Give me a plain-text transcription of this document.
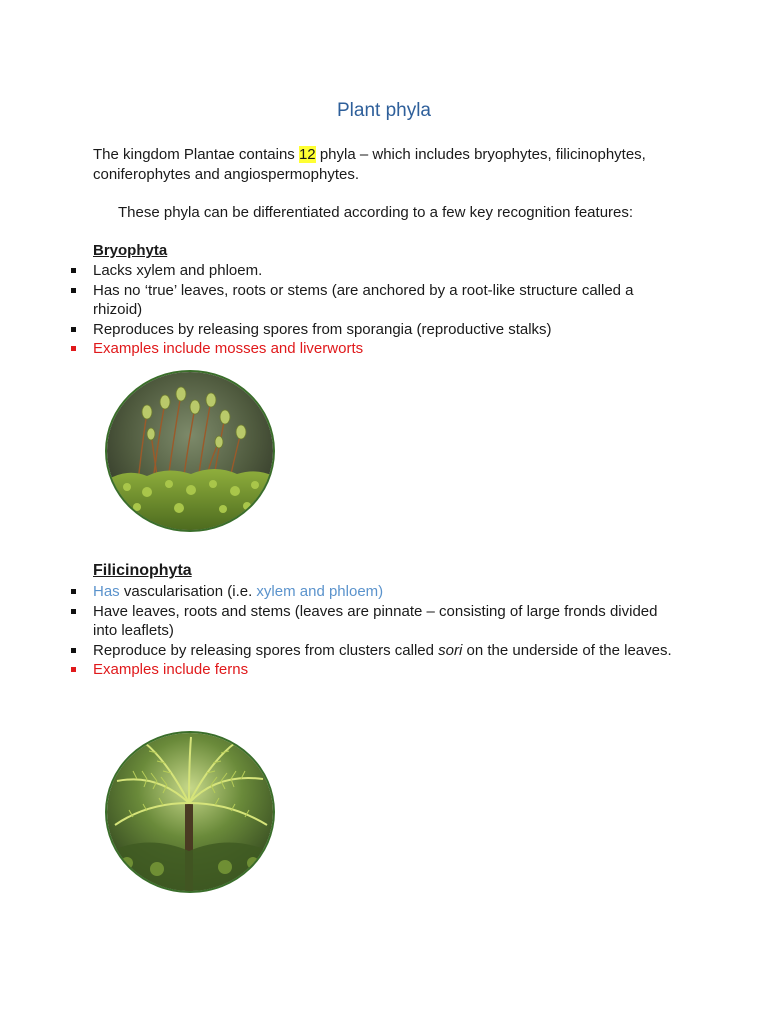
Plant phyla
The kingdom Plantae contains 12 phyla – which includes bryophytes, filicinophytes, coniferophytes and angiospermophytes.
These phyla can be differentiated according to a few key recognition features:
Bryophyta
Lacks xylem and phloem.
Has no ‘true’ leaves, roots or stems (are anchored by a root-like structure called a rhizoid)
Reproduces by releasing spores from sporangia (reproductive stalks)
Examples include mosses and liverworts
Filicinophyta
Has vascularisation (i.e. xylem and phloem)
Have leaves, roots and stems (leaves are pinnate – consisting of large fronds divided into leaflets)
Reproduce by releasing spores from clusters called sori on the underside of the leaves.
Examples include ferns
